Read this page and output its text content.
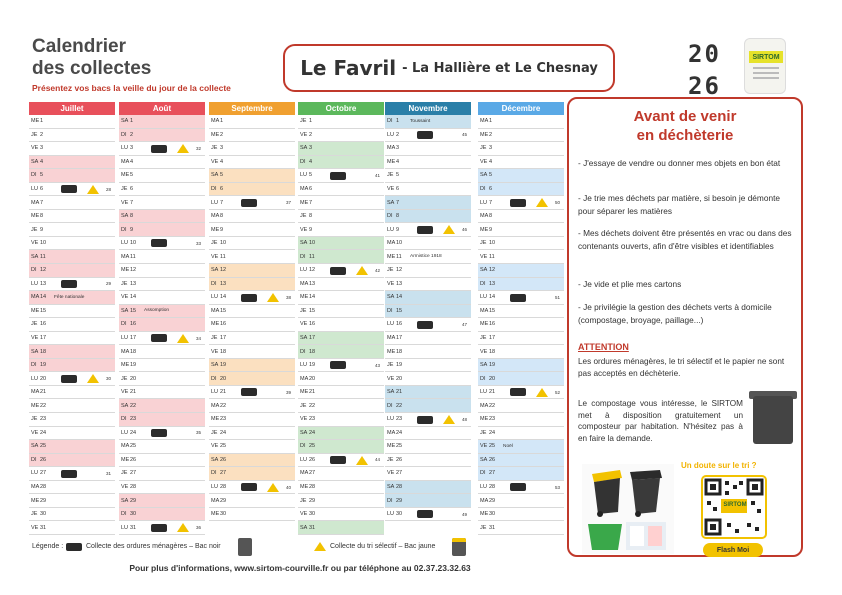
Calendrier
des collectes
Présentez vos bacs la veille du jour de la collecte
Le Favril - La Hallière et Le Chesnay	20
26
SIRTOM
Juillet
ME 1
JE 2
VE 3
SA 4
DI 5
LU 6	28
MA 7
ME 8
JE 9
VE 10
SA 11
DI 12
LU 13	29
MA 14	Fête nationale
ME 15
JE 16
VE 17
SA 18
DI 19
LU 20	30
MA 21
ME 22
JE 23
VE 24
SA 25
DI 26
LU 27	31
MA 28
ME 29
JE 30
VE 31
Août
SA 1
DI 2
LU 3	32
MA 4
ME 5
JE 6
VE 7
SA 8
DI 9
LU 10	33
MA 11
ME 12
JE 13
VE 14
SA 15	Assomption
DI 16
LU 17	34
MA 18
ME 19
JE 20
VE 21
SA 22
DI 23
LU 24	35
MA 25
ME 26
JE 27
VE 28
SA 29
DI 30
LU 31	36
Septembre
MA 1
ME 2
JE 3
VE 4
SA 5
DI 6
LU 7	37
MA 8
ME 9
JE 10
VE 11
SA 12
DI 13
LU 14	38
MA 15
ME 16
JE 17
VE 18
SA 19
DI 20
LU 21	39
MA 22
ME 23
JE 24
VE 25
SA 26
DI 27
LU 28	40
MA 29
ME 30
Octobre
JE 1
VE 2
SA 3
DI 4
LU 5	41
MA 6
ME 7
JE 8
VE 9
SA 10
DI 11
LU 12	42
MA 13
ME 14
JE 15
VE 16
SA 17
DI 18
LU 19	43
MA 20
ME 21
JE 22
VE 23
SA 24
DI 25
LU 26	44
MA 27
ME 28
JE 29
VE 30
SA 31
Novembre
DI 1	Toussaint
LU 2	45
MA 3
ME 4
JE 5
VE 6
SA 7
DI 8
LU 9	46
MA 10
ME 11	Armistice 1918
JE 12
VE 13
SA 14
DI 15
LU 16	47
MA 17
ME 18
JE 19
VE 20
SA 21
DI 22
LU 23	48
MA 24
ME 25
JE 26
VE 27
SA 28
DI 29
LU 30	49
Décembre
MA 1
ME 2
JE 3
VE 4
SA 5
DI 6
LU 7	50
MA 8
ME 9
JE 10
VE 11
SA 12
DI 13
LU 14	51
MA 15
ME 16
JE 17
VE 18
SA 19
DI 20
LU 21	52
MA 22
ME 23
JE 24
VE 25	Noël
SA 26
DI 27
LU 28	53
MA 29
ME 30
JE 31
Avant de venir
en déchèterie
- J'essaye de vendre ou donner mes objets en bon état
- Je trie mes déchets par matière, si besoin je démonte pour séparer les matières
- Mes déchets doivent être présentés en vrac ou dans des contenants ouverts, afin d'être visibles et identifiables
- Je vide et plie mes cartons
- Je privilégie la gestion des déchets verts à domicile (compostage, broyage, paillage...)
ATTENTION
Les ordures ménagères, le tri sélectif et le papier ne sont pas acceptés en déchèterie.
Le compostage vous intéresse, le SIRTOM met à disposition gratuitement un composteur par habitation. N'hésitez pas à en faire la demande.
Un doute sur le tri ?
SIRTOM
Flash Moi
Légende :	Collecte des ordures ménagères – Bac noir	Collecte du tri sélectif – Bac jaune
Pour plus d'informations, www.sirtom-courville.fr ou par téléphone au 02.37.23.32.63
